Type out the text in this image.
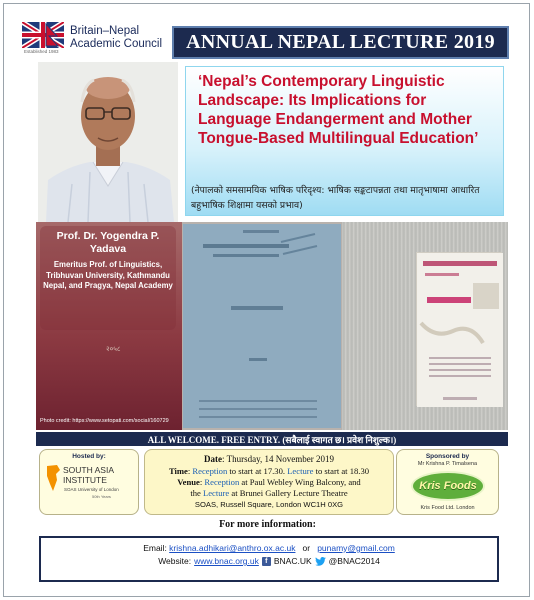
Britain–Nepal
Academic Council
Established 1983	ANNUAL NEPAL LECTURE 2019
‘Nepal’s Contemporary Linguistic Landscape: Its Implications for Language Endangerment and Mother Tongue-Based Multilingual Education’
(नेपालको समसामयिक भाषिक परिदृश्य: भाषिक सङ्कटापन्नता तथा मातृभाषामा आधारित बहुभाषिक शिक्षामा यसको प्रभाव)
Prof. Dr. Yogendra P. Yadava
Emeritus Prof. of Linguistics, Tribhuvan University, Kathmandu Nepal, and Pragya, Nepal Academy
२०५८
Photo credit: https://www.setopati.com/social/160729
ALL WELCOME. FREE ENTRY. (सबैलाई स्वागत छ। प्रवेश निशुल्क।)
Hosted by:
SOUTH ASIA
INSTITUTE
SOAS University of London
50th Years
Date: Thursday, 14 November 2019
Time: Reception to start at 17.30. Lecture to start at 18.30
Venue: Reception at Paul Webley Wing Balcony, and
the Lecture at Brunei Gallery Lecture Theatre
SOAS, Russell Square, London WC1H 0XG
Sponsored by
Mr Krishna P. Timalsena
Kris Foods
Kris Food Ltd. London
For more information:
Email: krishna.adhikari@anthro.ox.ac.uk   or   punamy@gmail.com
Website: www.bnac.org.uk f BNAC.UK @BNAC2014
